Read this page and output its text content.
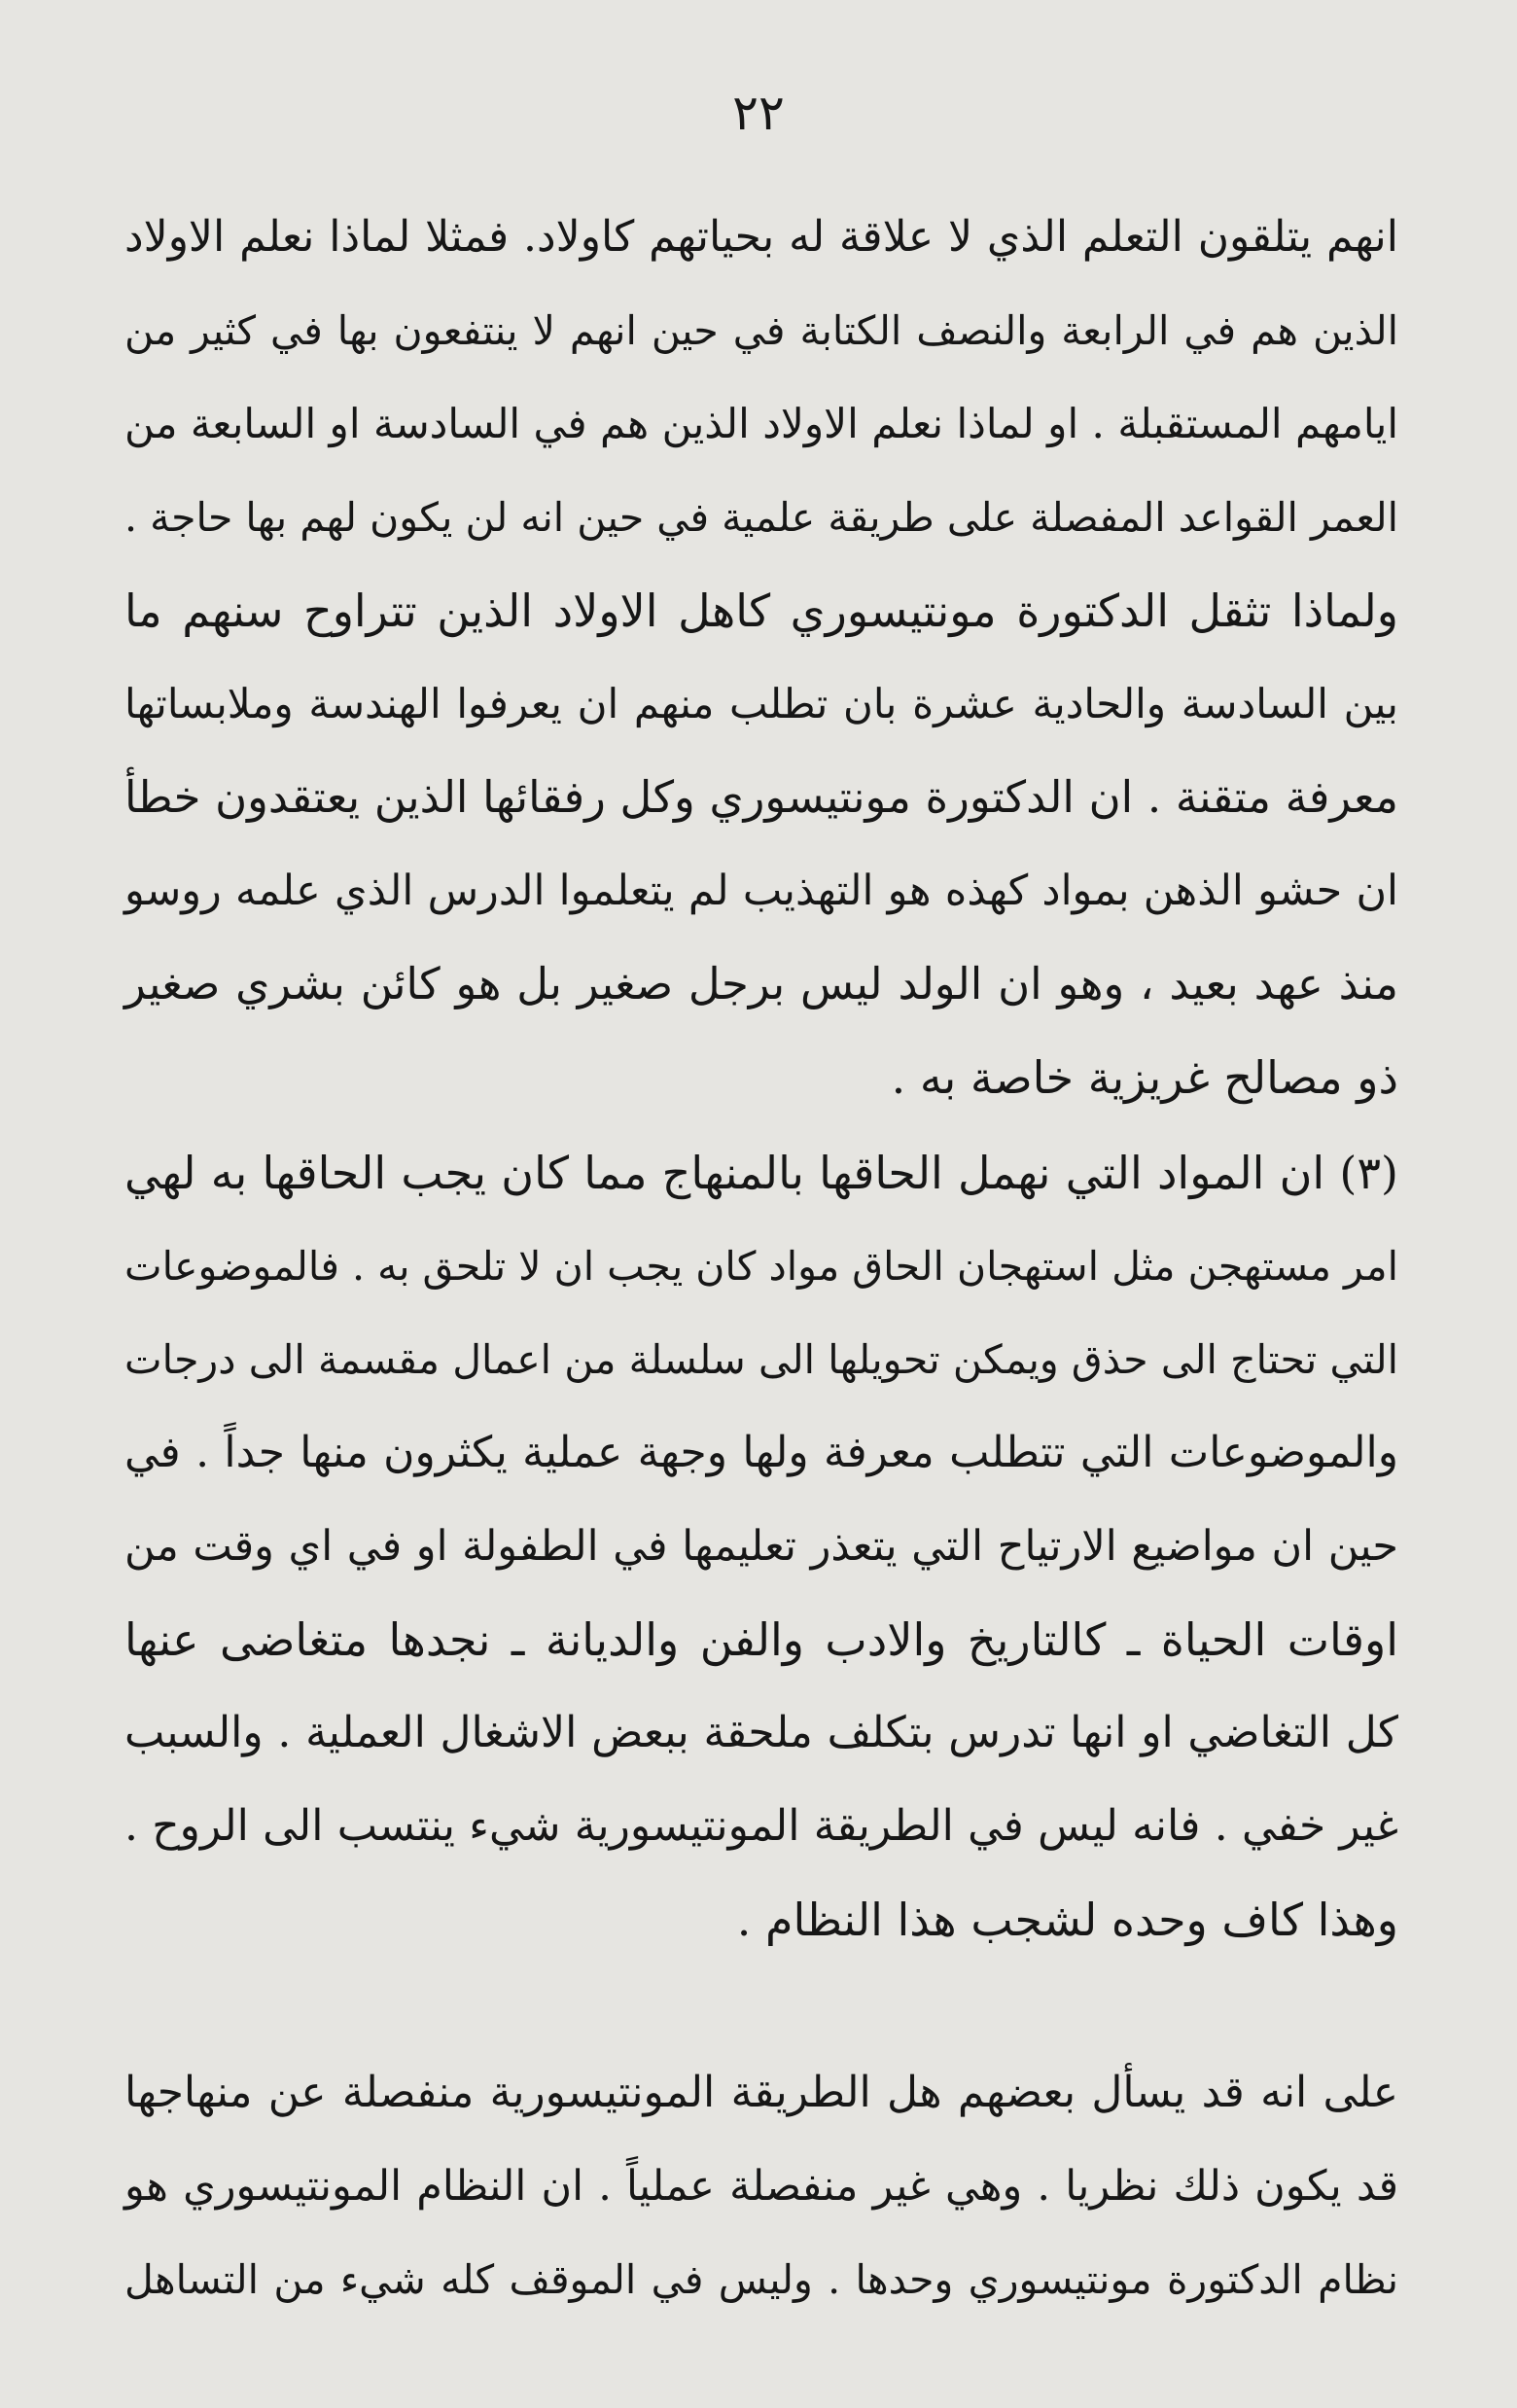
٢٢
انهم يتلقون التعلم الذي لا علاقة له بحياتهم كاولاد. فمثلا لماذا نعلم الاولاد
الذين هم في الرابعة والنصف الكتابة في حين انهم لا ينتفعون بها في كثير من
ايامهم المستقبلة . او لماذا نعلم الاولاد الذين هم في السادسة او السابعة من
العمر القواعد المفصلة على طريقة علمية في حين انه لن يكون لهم بها حاجة .
ولماذا تثقل الدكتورة مونتيسوري كاهل الاولاد الذين تتراوح سنهم ما
بين السادسة والحادية عشرة بان تطلب منهم ان يعرفوا الهندسة وملابساتها
معرفة متقنة . ان الدكتورة مونتيسوري وكل رفقائها الذين يعتقدون خطأ
ان حشو الذهن بمواد كهذه هو التهذيب لم يتعلموا الدرس الذي علمه روسو
منذ عهد بعيد ، وهو ان الولد ليس برجل صغير بل هو كائن بشري صغير
ذو مصالح غريزية خاصة به .
(٣) ان المواد التي نهمل الحاقها بالمنهاج مما كان يجب الحاقها به لهي
امر مستهجن مثل استهجان الحاق مواد كان يجب ان لا تلحق به . فالموضوعات
التي تحتاج الى حذق ويمكن تحويلها الى سلسلة من اعمال مقسمة الى درجات
والموضوعات التي تتطلب معرفة ولها وجهة عملية يكثرون منها جداً . في
حين ان مواضيع الارتياح التي يتعذر تعليمها في الطفولة او في اي وقت من
اوقات الحياة ـ كالتاريخ والادب والفن والديانة ـ نجدها متغاضى عنها
كل التغاضي او انها تدرس بتكلف ملحقة ببعض الاشغال العملية . والسبب
غير خفي . فانه ليس في الطريقة المونتيسورية شيء ينتسب الى الروح .
وهذا كاف وحده لشجب هذا النظام .
على انه قد يسأل بعضهم هل الطريقة المونتيسورية منفصلة عن منهاجها
قد يكون ذلك نظريا . وهي غير منفصلة عملياً . ان النظام المونتيسوري هو
نظام الدكتورة مونتيسوري وحدها . وليس في الموقف كله شيء من التساهل
